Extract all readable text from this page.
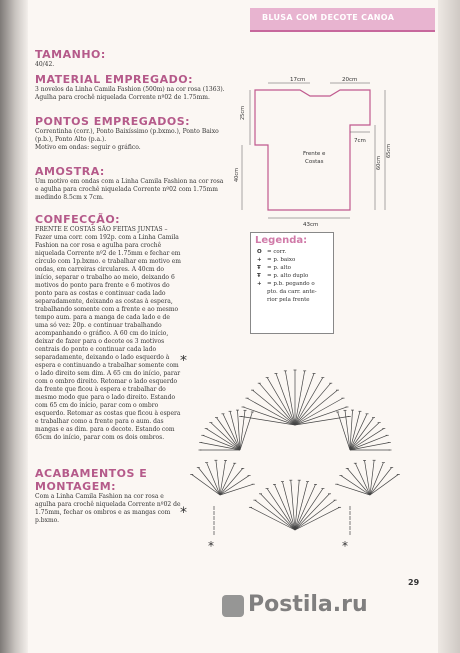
BLUSA COM DECOTE CANOA
TAMANHO:

40/42.

MATERIAL EMPREGADO:

3 novelos da Linha Camila Fashion (500m) na cor rosa (1363). Agulha para crochê niquelada Corrente nº02 de 1.75mm.

PONTOS EMPREGADOS:

Correntinha (corr.), Ponto Baixíssimo (p.bxmo.), Ponto Baixo (p.b.), Ponto Alto (p.a.).

Motivo em ondas: seguir o gráfico.

AMOSTRA:

Um motivo em ondas com a Linha Camila Fashion na cor rosa e agulha para crochê niquelada Corrente nº02 com 1.75mm medindo 8.5cm x 7cm.

CONFECÇÃO:

FRENTE E COSTAS SÃO FEITAS JUNTAS – Fazer uma corr. com 192p. com a Linha Camila Fashion na cor rosa e agulha para crochê niquelada Corrente nº2 de 1.75mm e fechar em círculo com 1p.bxmo. e trabalhar em motivo em ondas, em carreiras circulares. A 40cm do início, separar o trabalho ao meio, deixando 6 motivos do ponto para frente e 6 motivos do ponto para as costas e continuar cada lado separadamente, deixando as costas à espera, trabalhando somente com a frente e ao mesmo tempo aum. para a manga de cada lado e de uma só vez: 20p. e continuar trabalhando acompanhando o gráfico. A 60 cm do início, deixar de fazer para o decote os 3 motivos centrais do ponto e continuar cada lado separadamente, deixando o lado esquerdo à espera e continuando a trabalhar somente com o lado direito sem dim. A 65 cm do início, parar com o ombro direito. Retomar o lado esquerdo da frente que ficou à espera e trabalhar do mesmo modo que para o lado direito. Estando com 65 cm do início, parar com o ombro esquerdo. Retomar as costas que ficou à espera e trabalhar como a frente para o aum. das mangas e as dim. para o decote. Estando com 65cm do início, parar com os dois ombros.

ACABAMENTOS E MONTAGEM:

Com a Linha Camila Fashion na cor rosa e agulha para crochê niquelada Corrente nº02 de 1.75mm, fechar os ombros e as mangas com p.bxmo.

17cm	20cm
25cm
7cm
40cm
60cm
65cm
Frente e
Costas
43cm
Legenda:
O = corr.
+ = p. baixo
Ŧ = p. alto
Ŧ = p. alto duplo
+ = p.b. pegando o
pto. da carr. ante-
rior pela frente
*
*
*	*
29
Postila.ru
